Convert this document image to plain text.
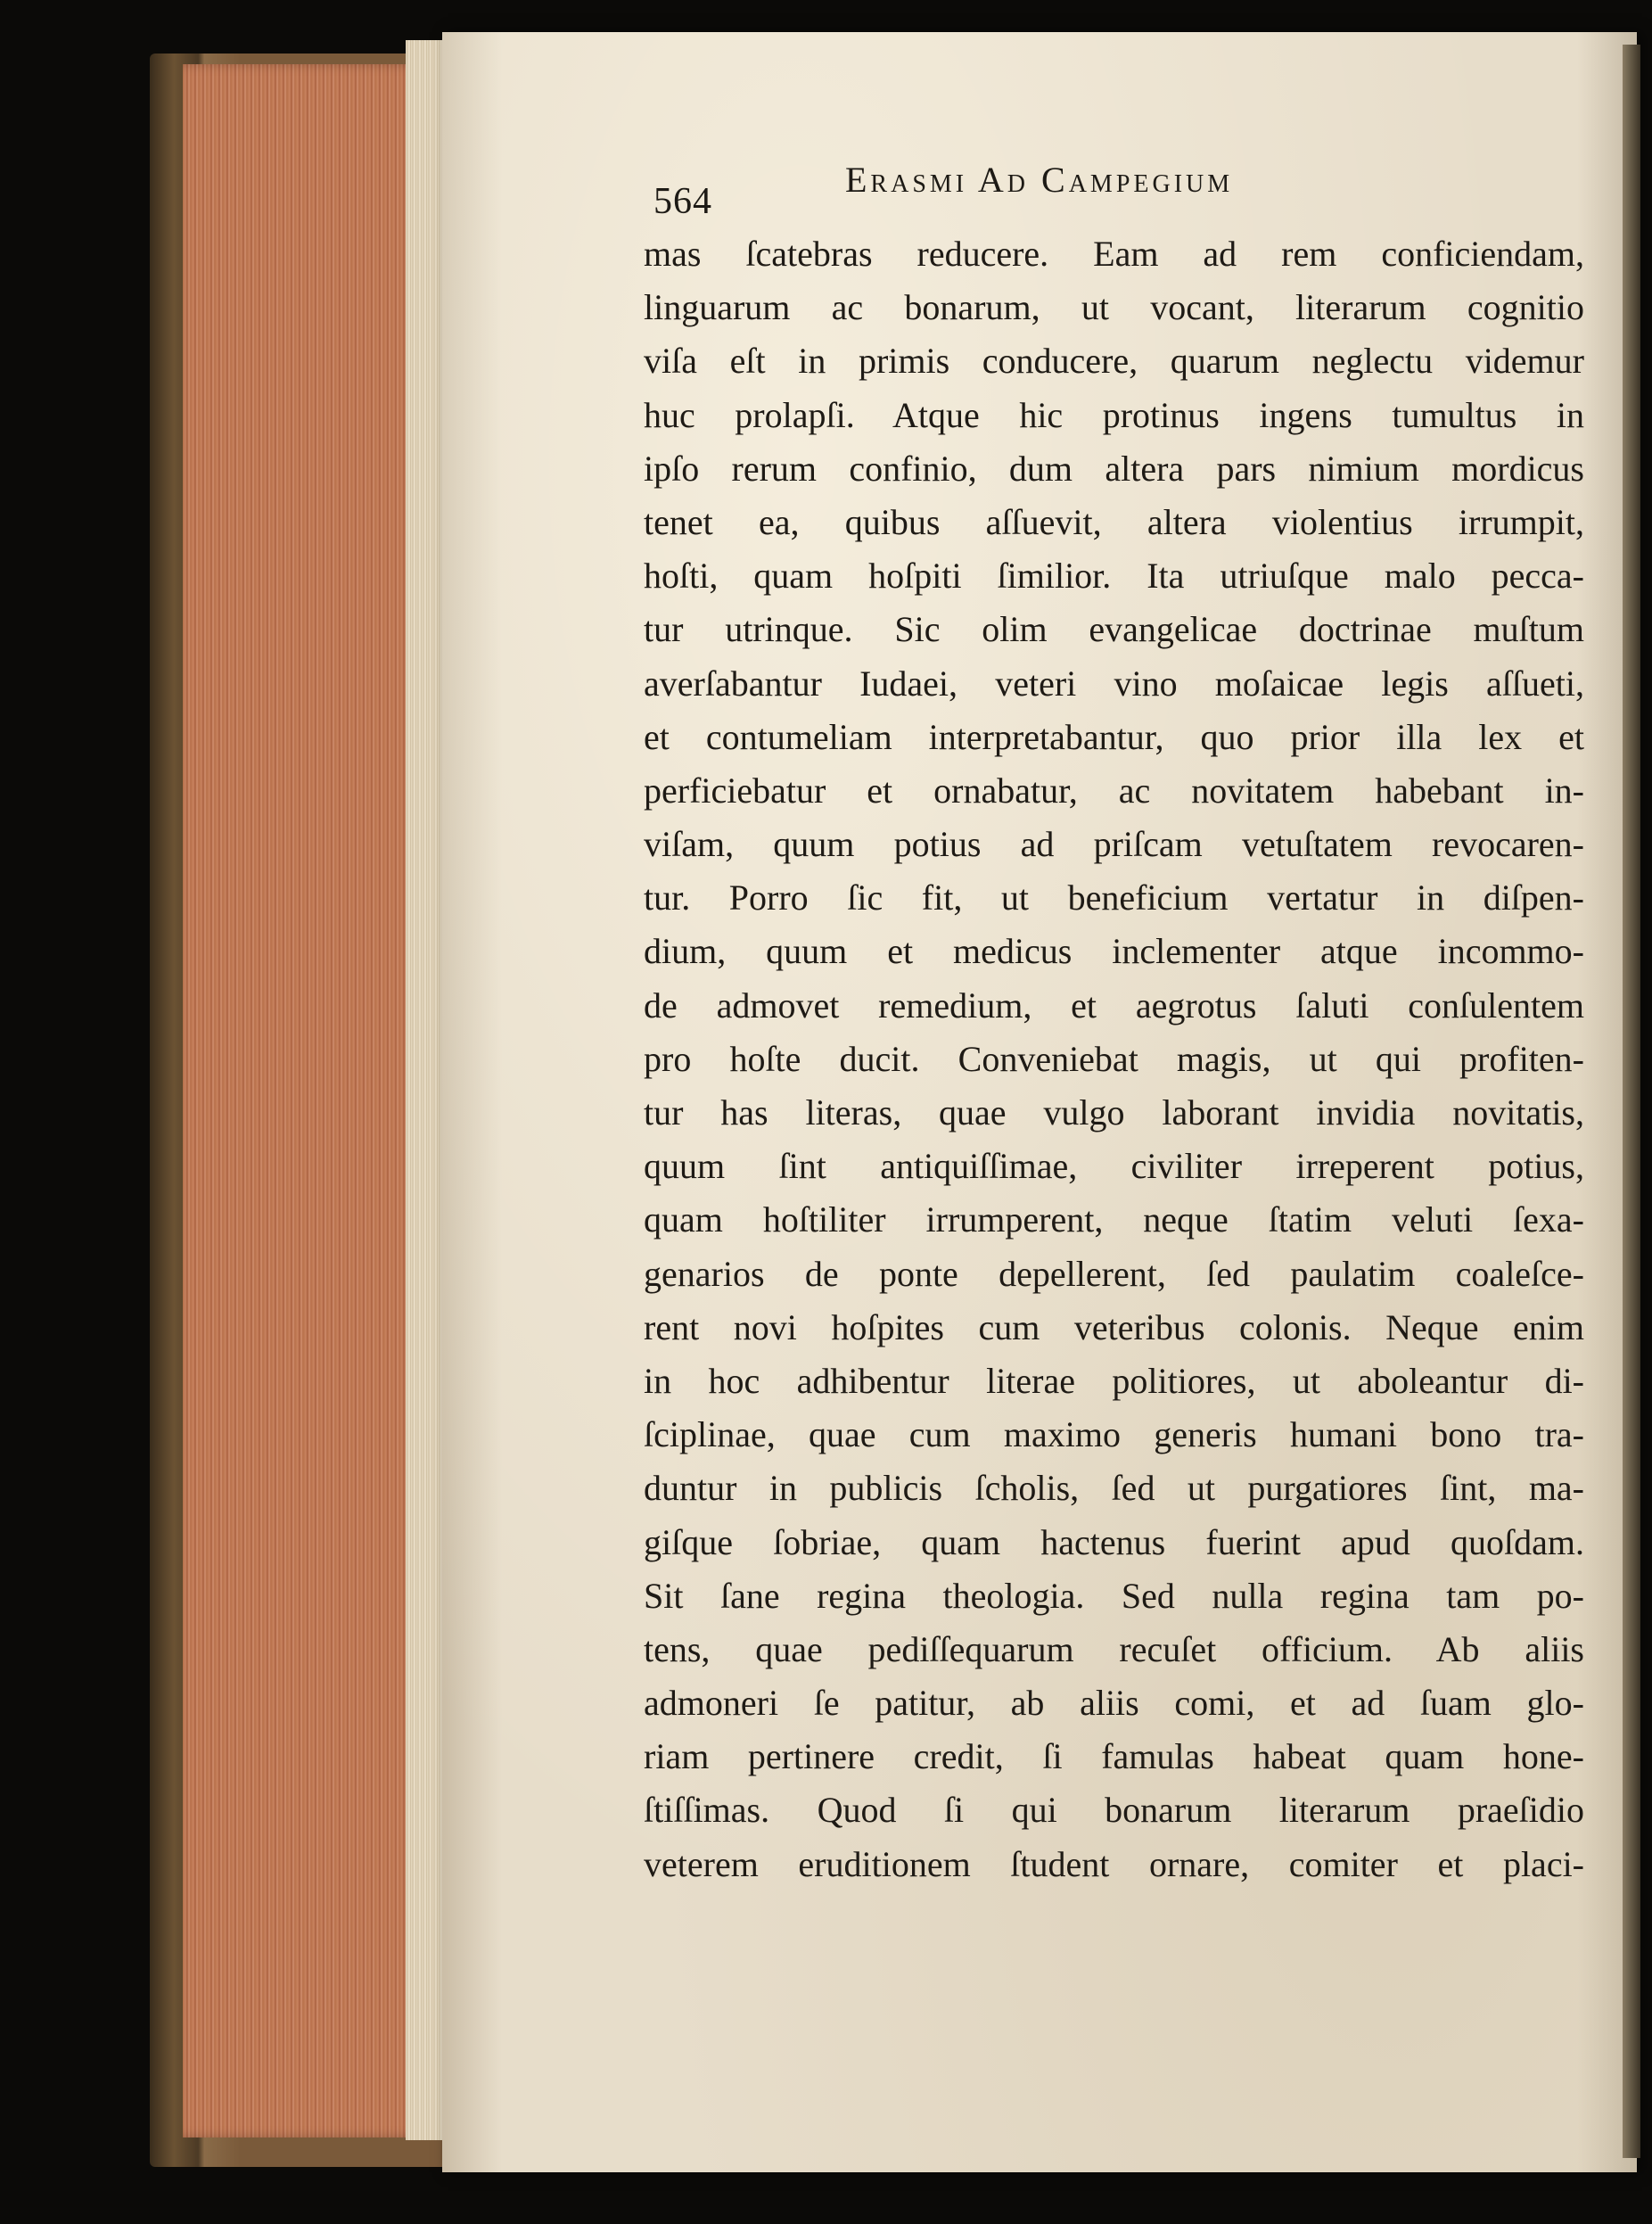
564
Erasmi Ad Campegium
mas ſcatebras reducere. Eam ad rem conficiendam,
linguarum ac bonarum, ut vocant, literarum cognitio
viſa eſt in primis conducere, quarum neglectu videmur
huc prolapſi. Atque hic protinus ingens tumultus in
ipſo rerum confinio, dum altera pars nimium mordicus
tenet ea, quibus aſſuevit, altera violentius irrumpit,
hoſti, quam hoſpiti ſimilior. Ita utriuſque malo pecca-
tur utrinque. Sic olim evangelicae doctrinae muſtum
averſabantur Iudaei, veteri vino moſaicae legis aſſueti,
et contumeliam interpretabantur, quo prior illa lex et
perficiebatur et ornabatur, ac novitatem habebant in-
viſam, quum potius ad priſcam vetuſtatem revocaren-
tur. Porro ſic fit, ut beneficium vertatur in diſpen-
dium, quum et medicus inclementer atque incommo-
de admovet remedium, et aegrotus ſaluti conſulentem
pro hoſte ducit. Conveniebat magis, ut qui profiten-
tur has literas, quae vulgo laborant invidia novitatis,
quum ſint antiquiſſimae, civiliter irreperent potius,
quam hoſtiliter irrumperent, neque ſtatim veluti ſexa-
genarios de ponte depellerent, ſed paulatim coaleſce-
rent novi hoſpites cum veteribus colonis. Neque enim
in hoc adhibentur literae politiores, ut aboleantur di-
ſciplinae, quae cum maximo generis humani bono tra-
duntur in publicis ſcholis, ſed ut purgatiores ſint, ma-
giſque ſobriae, quam hactenus fuerint apud quoſdam.
Sit ſane regina theologia. Sed nulla regina tam po-
tens, quae pediſſequarum recuſet officium. Ab aliis
admoneri ſe patitur, ab aliis comi, et ad ſuam glo-
riam pertinere credit, ſi famulas habeat quam hone-
ſtiſſimas. Quod ſi qui bonarum literarum praeſidio
veterem eruditionem ſtudent ornare, comiter et placi-
